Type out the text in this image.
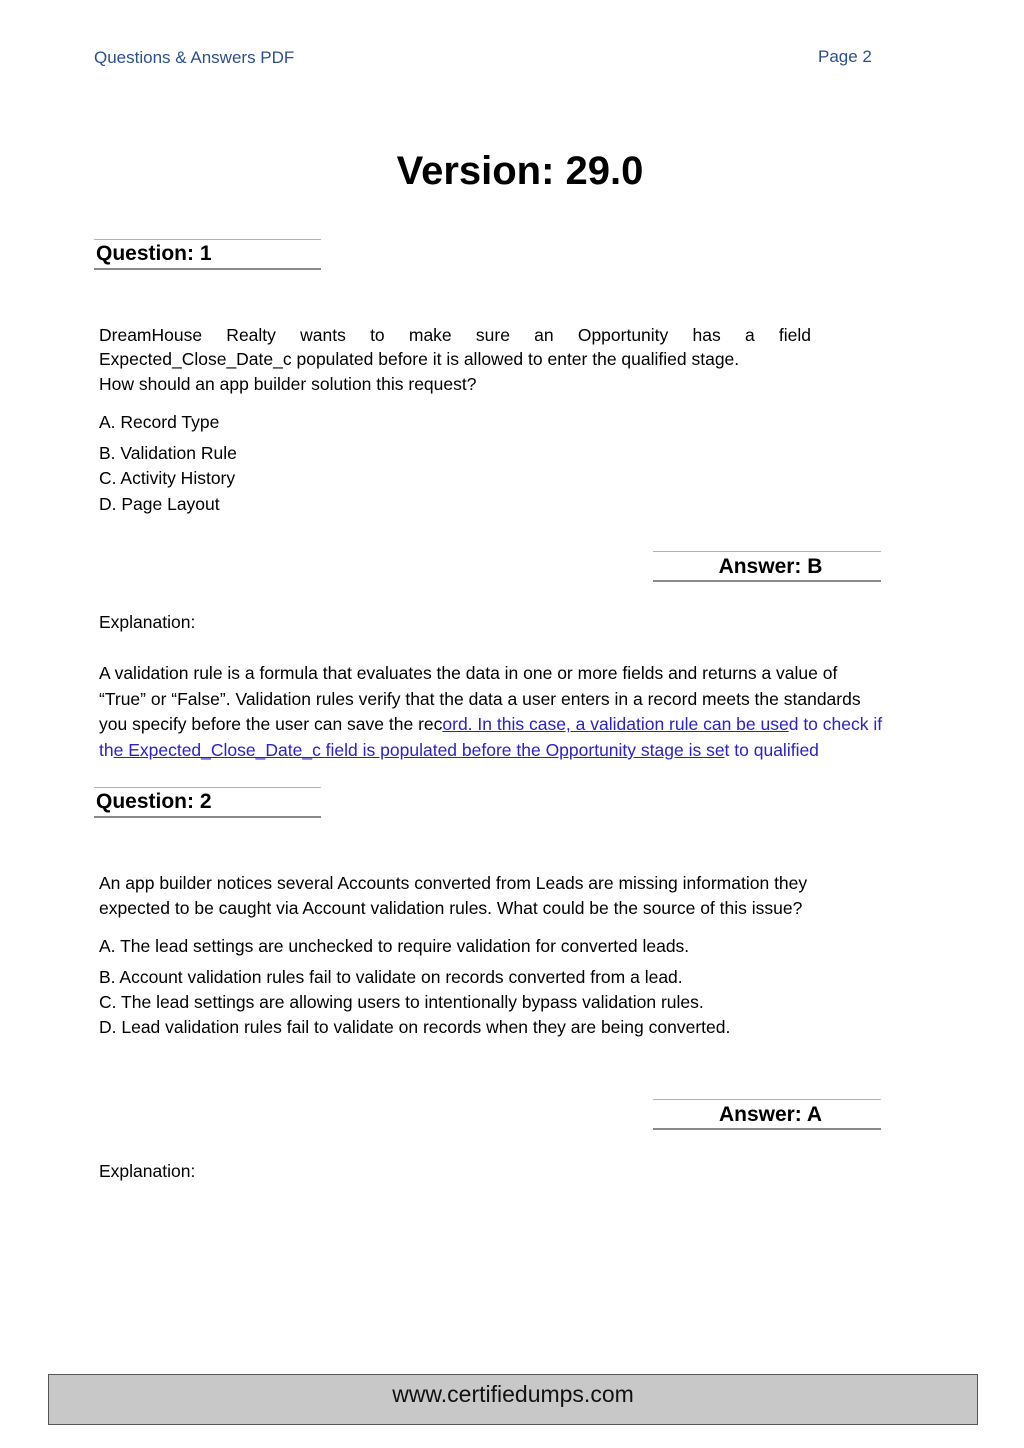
Questions & Answers PDF	Page 2
Version: 29.0
Question: 1
DreamHouse Realty wants to make sure an Opportunity has a field
Expected_Close_Date_c populated before it is allowed to enter the qualified stage.
How should an app builder solution this request?
A. Record Type
B. Validation Rule
C. Activity History
D. Page Layout
Answer: B
Explanation:
A validation rule is a formula that evaluates the data in one or more fields and returns a value of
“True” or “False”. Validation rules verify that the data a user enters in a record meets the standards
you specify before the user can save the record. In this case, a validation rule can be used to check if
the Expected_Close_Date_c field is populated before the Opportunity stage is set to qualified
Question: 2
An app builder notices several Accounts converted from Leads are missing information they
expected to be caught via Account validation rules. What could be the source of this issue?
A. The lead settings are unchecked to require validation for converted leads.
B. Account validation rules fail to validate on records converted from a lead.
C. The lead settings are allowing users to intentionally bypass validation rules.
D. Lead validation rules fail to validate on records when they are being converted.
Answer: A
Explanation:
www.certifiedumps.com
